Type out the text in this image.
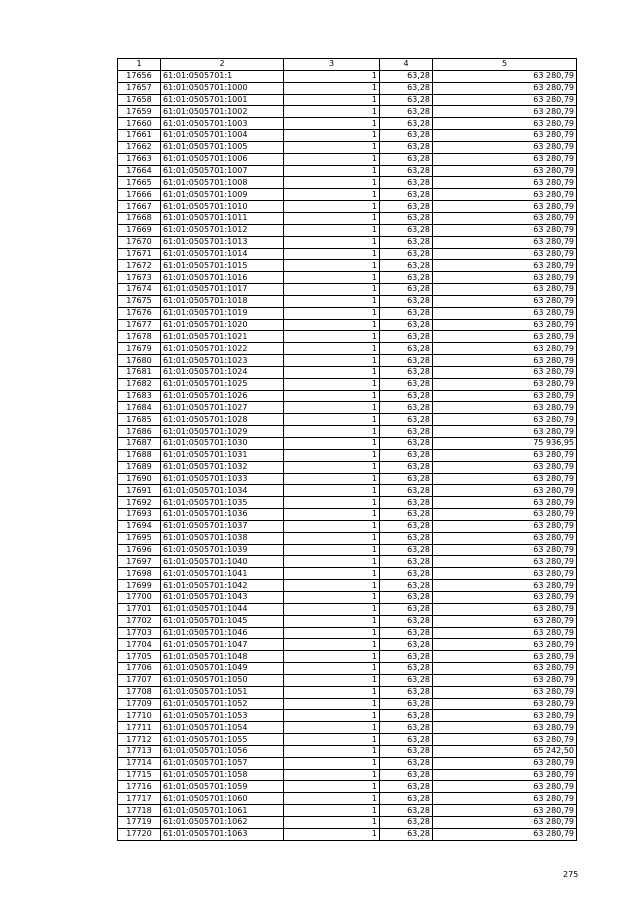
1	2	3	4	5
17656	61:01:0505701:1	1	63,28	63 280,79
17657	61:01:0505701:1000	1	63,28	63 280,79
17658	61:01:0505701:1001	1	63,28	63 280,79
17659	61:01:0505701:1002	1	63,28	63 280,79
17660	61:01:0505701:1003	1	63,28	63 280,79
17661	61:01:0505701:1004	1	63,28	63 280,79
17662	61:01:0505701:1005	1	63,28	63 280,79
17663	61:01:0505701:1006	1	63,28	63 280,79
17664	61:01:0505701:1007	1	63,28	63 280,79
17665	61:01:0505701:1008	1	63,28	63 280,79
17666	61:01:0505701:1009	1	63,28	63 280,79
17667	61:01:0505701:1010	1	63,28	63 280,79
17668	61:01:0505701:1011	1	63,28	63 280,79
17669	61:01:0505701:1012	1	63,28	63 280,79
17670	61:01:0505701:1013	1	63,28	63 280,79
17671	61:01:0505701:1014	1	63,28	63 280,79
17672	61:01:0505701:1015	1	63,28	63 280,79
17673	61:01:0505701:1016	1	63,28	63 280,79
17674	61:01:0505701:1017	1	63,28	63 280,79
17675	61:01:0505701:1018	1	63,28	63 280,79
17676	61:01:0505701:1019	1	63,28	63 280,79
17677	61:01:0505701:1020	1	63,28	63 280,79
17678	61:01:0505701:1021	1	63,28	63 280,79
17679	61:01:0505701:1022	1	63,28	63 280,79
17680	61:01:0505701:1023	1	63,28	63 280,79
17681	61:01:0505701:1024	1	63,28	63 280,79
17682	61:01:0505701:1025	1	63,28	63 280,79
17683	61:01:0505701:1026	1	63,28	63 280,79
17684	61:01:0505701:1027	1	63,28	63 280,79
17685	61:01:0505701:1028	1	63,28	63 280,79
17686	61:01:0505701:1029	1	63,28	63 280,79
17687	61:01:0505701:1030	1	63,28	75 936,95
17688	61:01:0505701:1031	1	63,28	63 280,79
17689	61:01:0505701:1032	1	63,28	63 280,79
17690	61:01:0505701:1033	1	63,28	63 280,79
17691	61:01:0505701:1034	1	63,28	63 280,79
17692	61:01:0505701:1035	1	63,28	63 280,79
17693	61:01:0505701:1036	1	63,28	63 280,79
17694	61:01:0505701:1037	1	63,28	63 280,79
17695	61:01:0505701:1038	1	63,28	63 280,79
17696	61:01:0505701:1039	1	63,28	63 280,79
17697	61:01:0505701:1040	1	63,28	63 280,79
17698	61:01:0505701:1041	1	63,28	63 280,79
17699	61:01:0505701:1042	1	63,28	63 280,79
17700	61:01:0505701:1043	1	63,28	63 280,79
17701	61:01:0505701:1044	1	63,28	63 280,79
17702	61:01:0505701:1045	1	63,28	63 280,79
17703	61:01:0505701:1046	1	63,28	63 280,79
17704	61:01:0505701:1047	1	63,28	63 280,79
17705	61:01:0505701:1048	1	63,28	63 280,79
17706	61:01:0505701:1049	1	63,28	63 280,79
17707	61:01:0505701:1050	1	63,28	63 280,79
17708	61:01:0505701:1051	1	63,28	63 280,79
17709	61:01:0505701:1052	1	63,28	63 280,79
17710	61:01:0505701:1053	1	63,28	63 280,79
17711	61:01:0505701:1054	1	63,28	63 280,79
17712	61:01:0505701:1055	1	63,28	63 280,79
17713	61:01:0505701:1056	1	63,28	65 242,50
17714	61:01:0505701:1057	1	63,28	63 280,79
17715	61:01:0505701:1058	1	63,28	63 280,79
17716	61:01:0505701:1059	1	63,28	63 280,79
17717	61:01:0505701:1060	1	63,28	63 280,79
17718	61:01:0505701:1061	1	63,28	63 280,79
17719	61:01:0505701:1062	1	63,28	63 280,79
17720	61:01:0505701:1063	1	63,28	63 280,79
275
